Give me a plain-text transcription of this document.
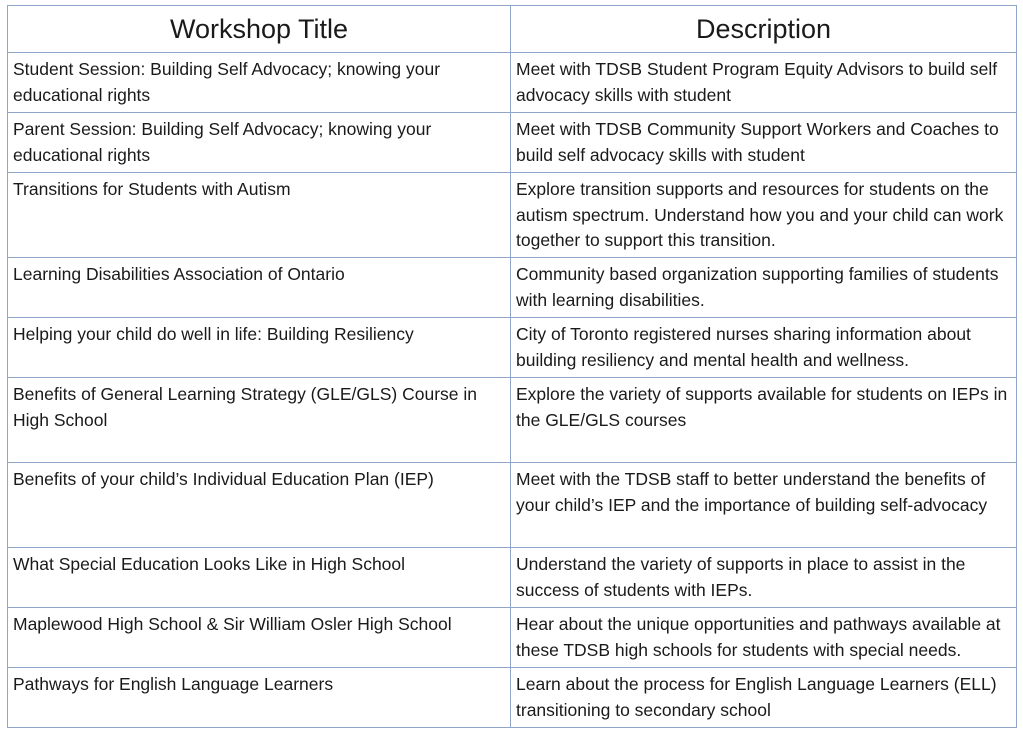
Workshop Title	Description
Student Session: Building Self Advocacy; knowing your educational rights	Meet with TDSB Student Program Equity Advisors to build self advocacy skills with student
Parent Session: Building Self Advocacy; knowing your educational rights	Meet with TDSB Community Support Workers and Coaches to build self advocacy skills with student
Transitions for Students with Autism	Explore transition supports and resources for students on the autism spectrum. Understand how you and your child can work together to support this transition.
Learning Disabilities Association of Ontario	Community based organization supporting families of students with learning disabilities.
Helping your child do well in life: Building Resiliency	City of Toronto registered nurses sharing information about building resiliency and mental health and wellness.
Benefits of General Learning Strategy (GLE/GLS) Course in High School	Explore the variety of supports available for students on IEPs in the GLE/GLS courses
Benefits of your child’s Individual Education Plan (IEP)	Meet with the TDSB staff to better understand the benefits of your child’s IEP and the importance of building self-advocacy
What Special Education Looks Like in High School	Understand the variety of supports in place to assist in the success of students with IEPs.
Maplewood High School & Sir William Osler High School	Hear about the unique opportunities and pathways available at these TDSB high schools for students with special needs.
Pathways for English Language Learners	Learn about the process for English Language Learners (ELL) transitioning to secondary school
